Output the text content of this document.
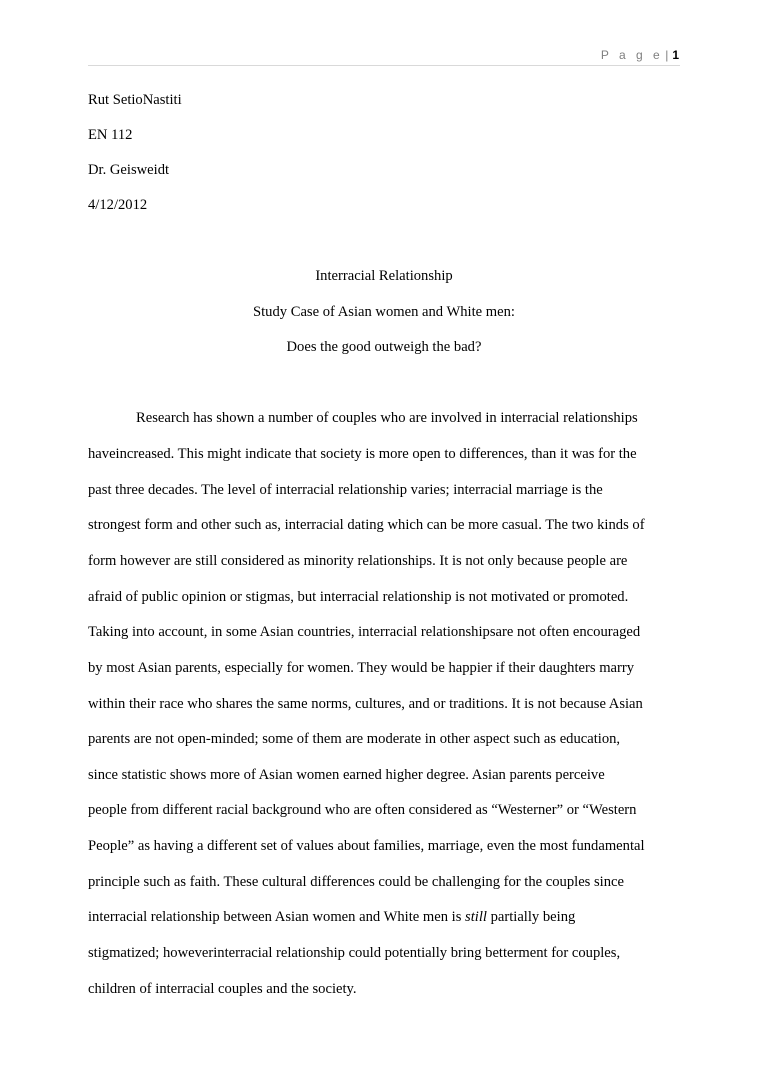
P a g e | 1
Rut SetioNastiti
EN 112
Dr. Geisweidt
4/12/2012
Interracial Relationship
Study Case of Asian women and White men:
Does the good outweigh the bad?
Research has shown a number of couples who are involved in interracial relationships
haveincreased. This might indicate that society is more open to differences, than it was for the
past three decades. The level of interracial relationship varies; interracial marriage is the
strongest form and other such as, interracial dating which can be more casual. The two kinds of
form however are still considered as minority relationships. It is not only because people are
afraid of public opinion or stigmas, but interracial relationship is not motivated or promoted.
Taking into account, in some Asian countries, interracial relationshipsare not often encouraged
by most Asian parents, especially for women. They would be happier if their daughters marry
within their race who shares the same norms, cultures, and or traditions. It is not because Asian
parents are not open-minded; some of them are moderate in other aspect such as education,
since statistic shows more of Asian women earned higher degree. Asian parents perceive
people from different racial background who are often considered as “Westerner” or “Western
People” as having a different set of values about families, marriage, even the most fundamental
principle such as faith. These cultural differences could be challenging for the couples since
interracial relationship between Asian women and White men is still partially being
stigmatized; howeverinterracial relationship could potentially bring betterment for couples,
children of interracial couples and the society.
